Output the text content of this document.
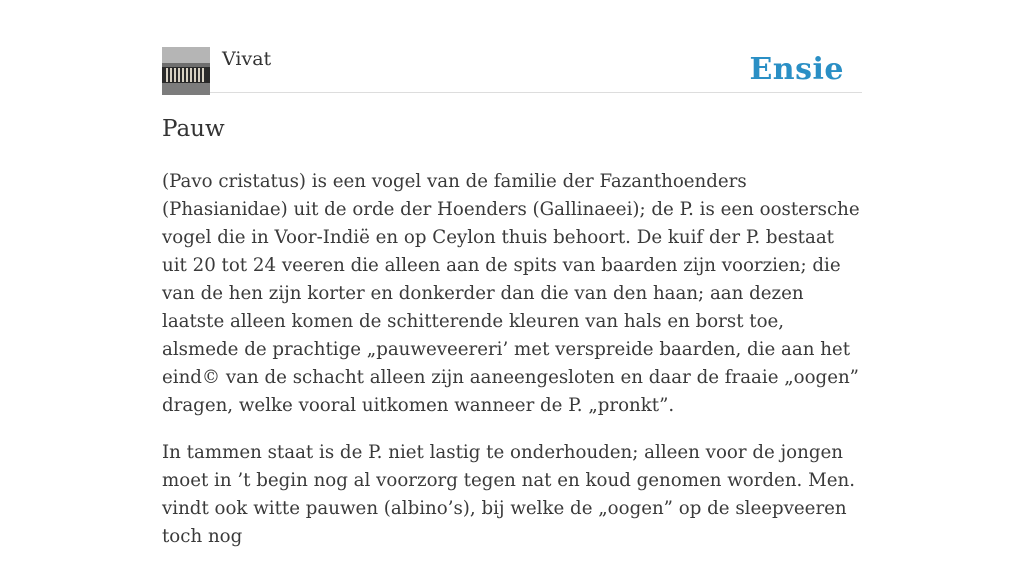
Vivat	Ensie
Pauw

(Pavo cristatus) is een vogel van de familie der Fazanthoenders (Phasianidae) uit de orde der Hoenders (Gallinaeei); de P. is een oostersche vogel die in Voor-Indië en op Ceylon thuis behoort. De kuif der P. bestaat uit 20 tot 24 veeren die alleen aan de spits van baarden zijn voorzien; die van de hen zijn korter en donkerder dan die van den haan; aan dezen laatste alleen komen de schitterende kleuren van hals en borst toe, alsmede de prachtige „pauweveereri’ met verspreide baarden, die aan het eind© van de schacht alleen zijn aaneengesloten en daar de fraaie „oogen” dragen, welke vooral uitkomen wanneer de P. „pronkt”.

In tammen staat is de P. niet lastig te onderhouden; alleen voor de jongen moet in ’t begin nog al voorzorg tegen nat en koud genomen worden. Men. vindt ook witte pauwen (albino’s), bij welke de „oogen” op de sleepveeren toch nog
